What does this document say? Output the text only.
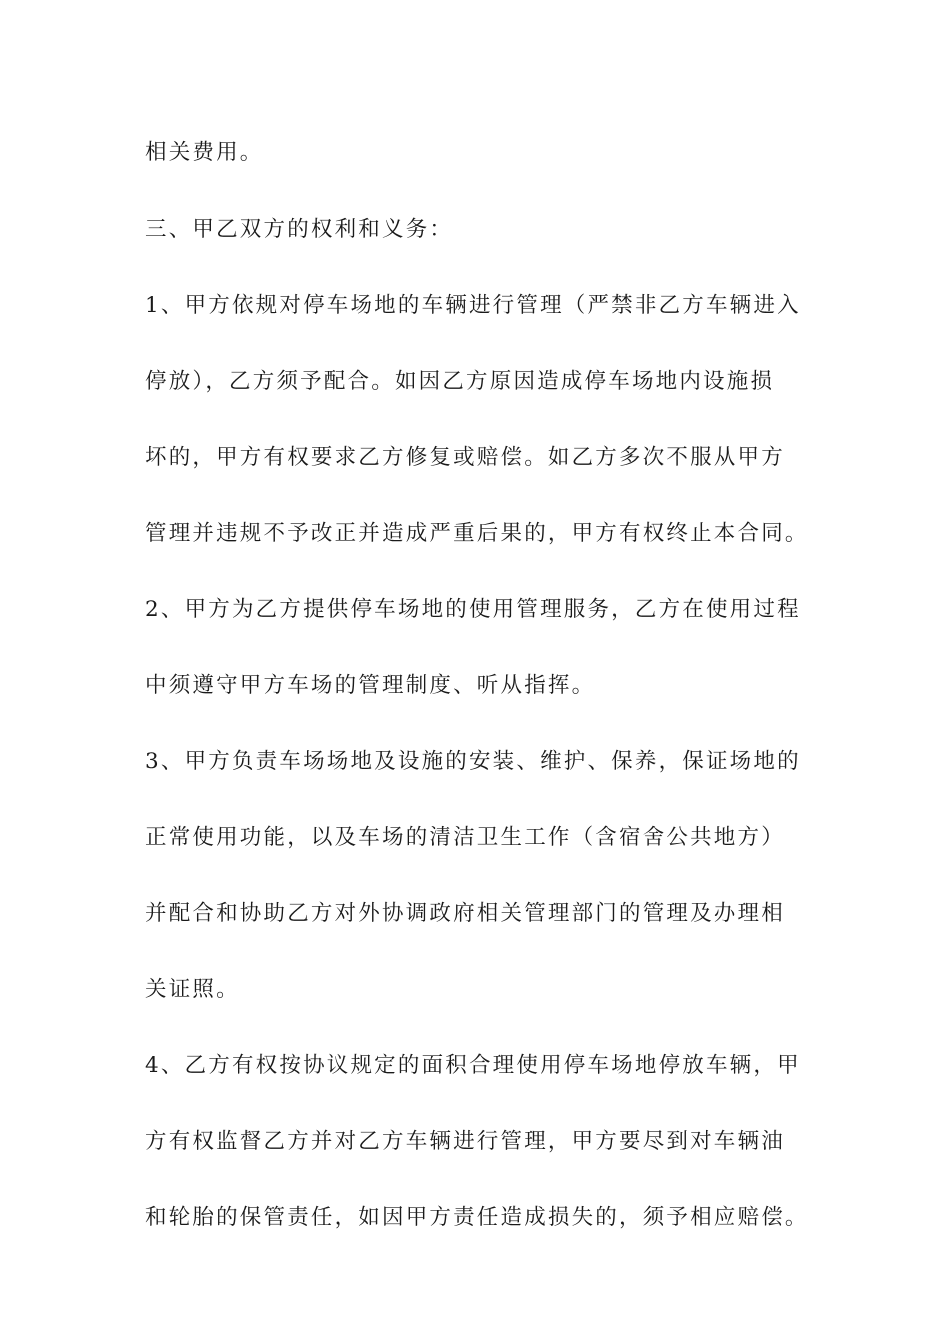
相关费用。
三、甲乙双方的权利和义务：
1、甲方依规对停车场地的车辆进行管理（严禁非乙方车辆进入
停放），乙方须予配合。如因乙方原因造成停车场地内设施损
坏的，甲方有权要求乙方修复或赔偿。如乙方多次不服从甲方
管理并违规不予改正并造成严重后果的，甲方有权终止本合同。
2、甲方为乙方提供停车场地的使用管理服务，乙方在使用过程
中须遵守甲方车场的管理制度、听从指挥。
3、甲方负责车场场地及设施的安装、维护、保养，保证场地的
正常使用功能，以及车场的清洁卫生工作（含宿舍公共地方）
并配合和协助乙方对外协调政府相关管理部门的管理及办理相
关证照。
4、乙方有权按协议规定的面积合理使用停车场地停放车辆，甲
方有权监督乙方并对乙方车辆进行管理，甲方要尽到对车辆油
和轮胎的保管责任，如因甲方责任造成损失的，须予相应赔偿。
